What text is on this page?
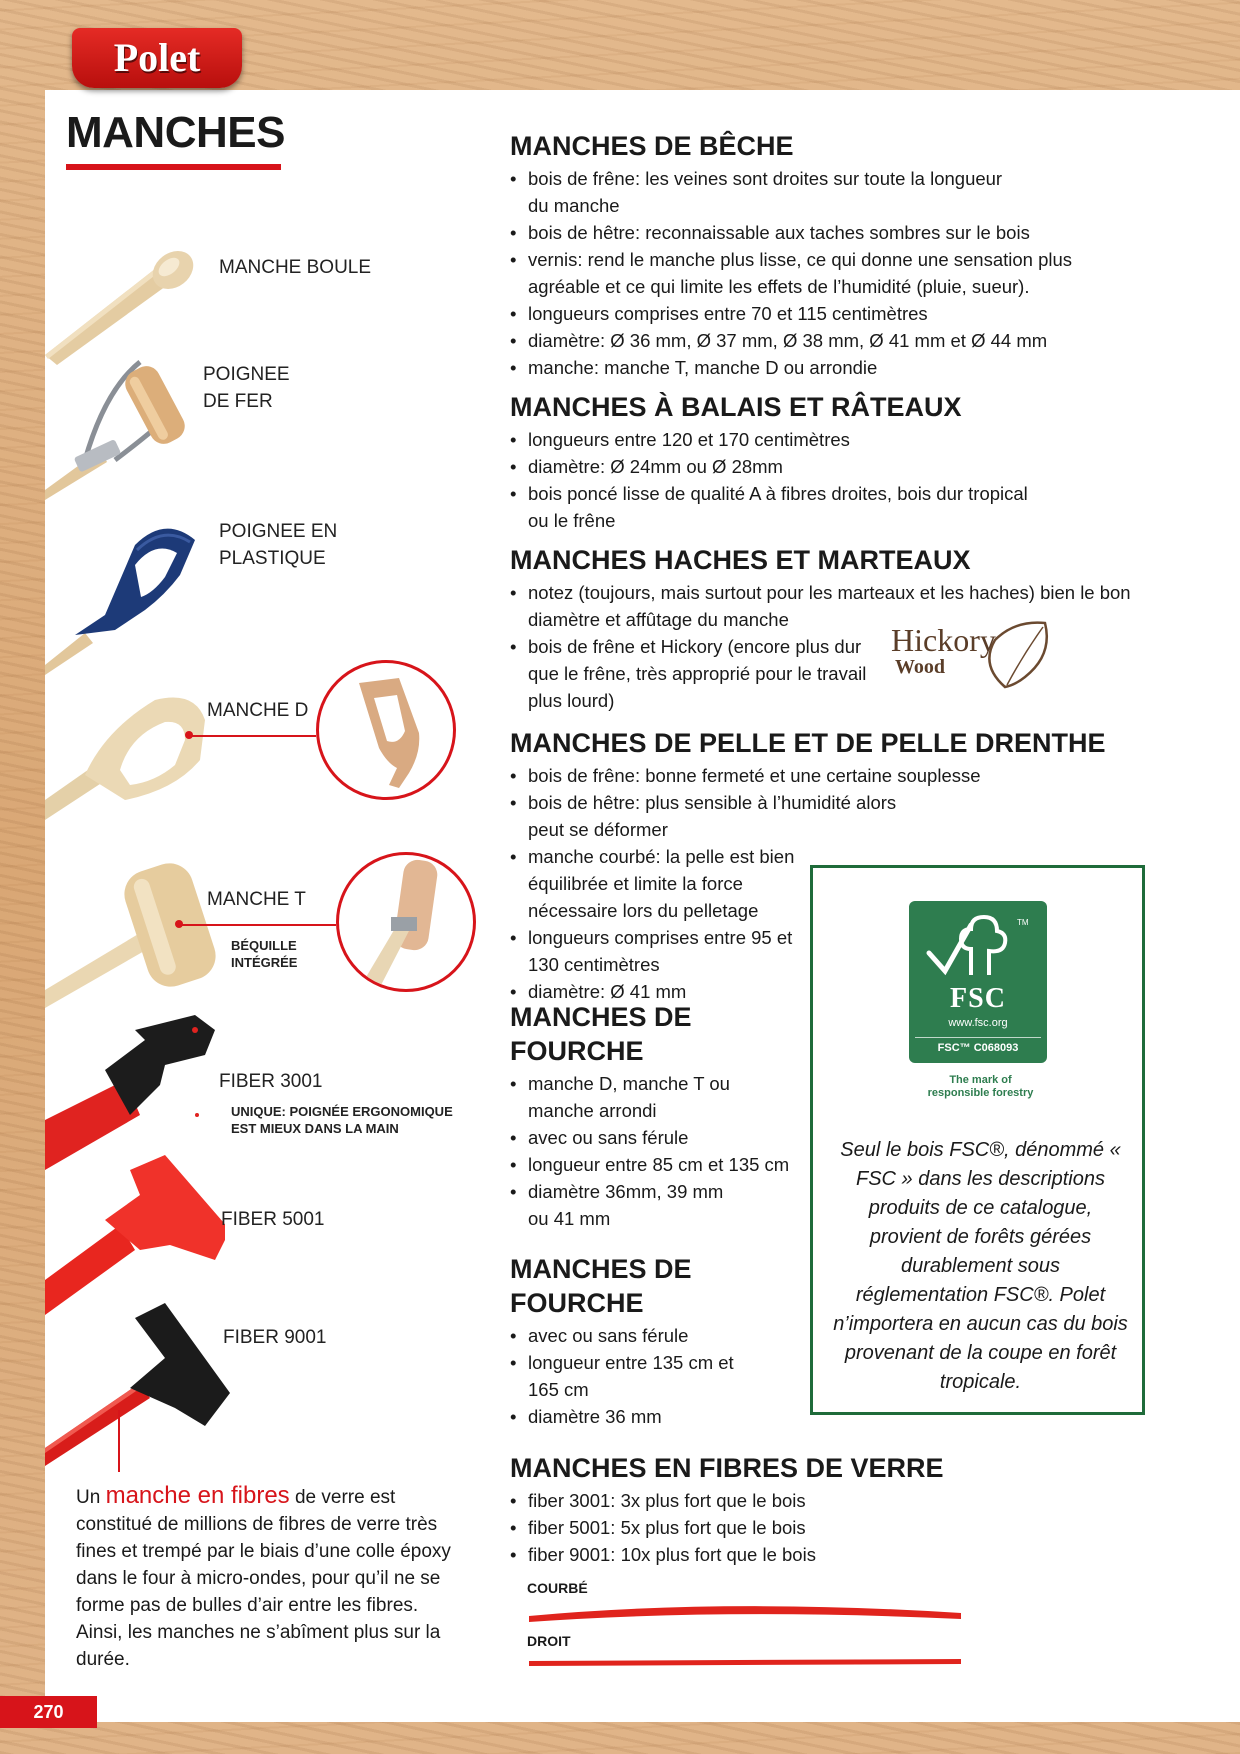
Polet
MANCHES
MANCHE BOULE
POIGNEE
DE FER
POIGNEE EN
PLASTIQUE
MANCHE D
MANCHE T
BÉQUILLE
INTÉGRÉE
FIBER 3001
UNIQUE: POIGNÉE ERGONOMIQUE
EST MIEUX DANS LA MAIN
FIBER 5001
FIBER 9001

Un manche en fibres de verre est constitué de millions de fibres de verre très fines et trempé par le biais d’une colle époxy dans le four à micro-ondes, pour qu’il ne se forme pas de bulles d’air entre les fibres. Ainsi, les manches ne s’abîment plus sur la durée.

MANCHES DE BÊCHE
• bois de frêne: les veines sont droites sur toute la longueur du manche
• bois de hêtre: reconnaissable aux taches sombres sur le bois
• vernis: rend le manche plus lisse, ce qui donne une sensation plus agréable et ce qui limite les effets de l’humidité (pluie, sueur).
• longueurs comprises entre 70 et 115 centimètres
• diamètre: Ø 36 mm, Ø 37 mm, Ø 38 mm, Ø 41 mm et Ø 44 mm
• manche: manche T, manche D ou arrondie
MANCHES À BALAIS ET RÂTEAUX
• longueurs entre 120 et 170 centimètres
• diamètre: Ø 24mm ou Ø 28mm
• bois poncé lisse de qualité A à fibres droites, bois dur tropical ou le frêne
MANCHES HACHES ET MARTEAUX
• notez (toujours, mais surtout pour les marteaux et les haches) bien le bon diamètre et affûtage du manche
• bois de frêne et Hickory (encore plus dur que le frêne, très approprié pour le travail plus lourd)
Hickory
Wood
MANCHES DE PELLE ET DE PELLE DRENTHE
• bois de frêne: bonne fermeté et une certaine souplesse
• bois de hêtre: plus sensible à l’humidité alors peut se déformer
• manche courbé: la pelle est bien équilibrée et limite la force nécessaire lors du pelletage
• longueurs comprises entre 95 et 130 centimètres
• diamètre: Ø 41 mm
MANCHES DE FOURCHE
• manche D, manche T ou manche arrondi
• avec ou sans férule
• longueur entre 85 cm et 135 cm
• diamètre 36mm, 39 mm ou 41 mm
MANCHES DE FOURCHE
• avec ou sans férule
• longueur entre 135 cm et 165 cm
• diamètre 36 mm
TM
FSC
www.fsc.org
FSC™ C068093
The mark of
responsible forestry

Seul le bois FSC®, dénommé « FSC » dans les descriptions produits de ce catalogue, provient de forêts gérées durablement sous réglementation FSC®. Polet n’importera en aucun cas du bois provenant de la coupe en forêt tropicale.

MANCHES EN FIBRES DE VERRE
• fiber 3001: 3x plus fort que le bois
• fiber 5001: 5x plus fort que le bois
• fiber 9001: 10x plus fort que le bois
COURBÉ
DROIT
270
